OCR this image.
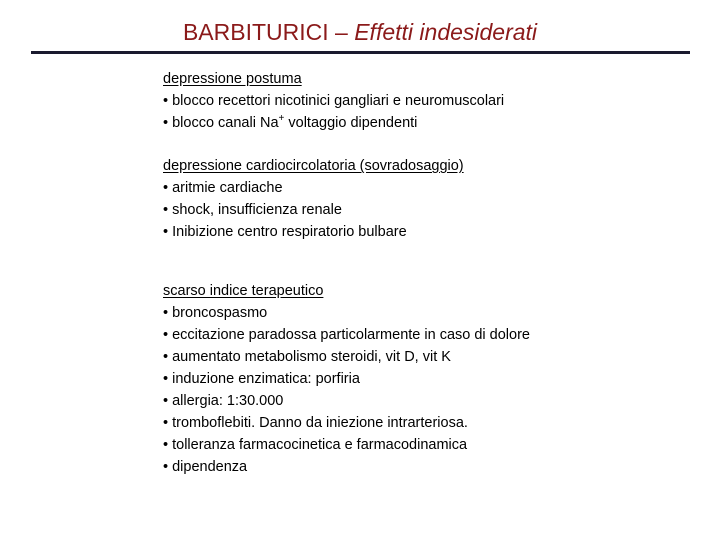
BARBITURICI – Effetti indesiderati
depressione postuma
• blocco recettori nicotinici gangliari e neuromuscolari
• blocco canali Na+ voltaggio dipendenti
depressione cardiocircolatoria (sovradosaggio)
• aritmie cardiache
• shock, insufficienza renale
• Inibizione centro respiratorio bulbare
scarso indice terapeutico
• broncospasmo
• eccitazione paradossa particolarmente in caso di dolore
• aumentato metabolismo steroidi, vit D, vit K
• induzione enzimatica: porfiria
• allergia: 1:30.000
• tromboflebiti. Danno da iniezione intrarteriosa.
• tolleranza farmacocinetica e farmacodinamica
• dipendenza
